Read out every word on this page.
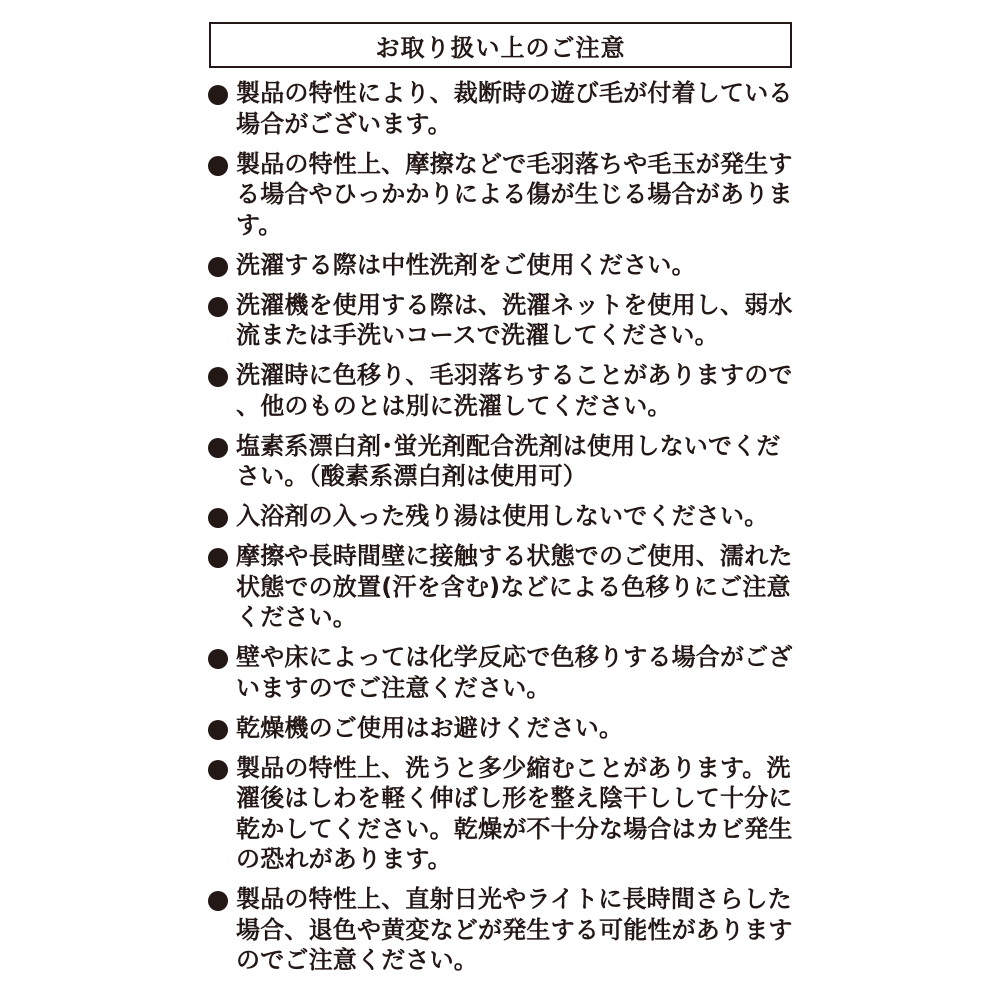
お取り扱い上のご注意
製品の特性により、裁断時の遊び毛が付着している場合がございます。
製品の特性上、摩擦などで毛羽落ちや毛玉が発生する場合やひっかかりによる傷が生じる場合があります。
洗濯する際は中性洗剤をご使用ください。
洗濯機を使用する際は、洗濯ネットを使用し、弱水流または手洗いコースで洗濯してください。
洗濯時に色移り、毛羽落ちすることがありますので、他のものとは別に洗濯してください。
塩素系漂白剤･蛍光剤配合洗剤は使用しないでください。（酸素系漂白剤は使用可）
入浴剤の入った残り湯は使用しないでください。
摩擦や長時間壁に接触する状態でのご使用、濡れた状態での放置(汗を含む)などによる色移りにご注意ください。
壁や床によっては化学反応で色移りする場合がございますのでご注意ください。
乾燥機のご使用はお避けください。
製品の特性上、洗うと多少縮むことがあります。洗濯後はしわを軽く伸ばし形を整え陰干しして十分に乾かしてください。乾燥が不十分な場合はカビ発生の恐れがあります。
製品の特性上、直射日光やライトに長時間さらした場合、退色や黄変などが発生する可能性がありますのでご注意ください。
